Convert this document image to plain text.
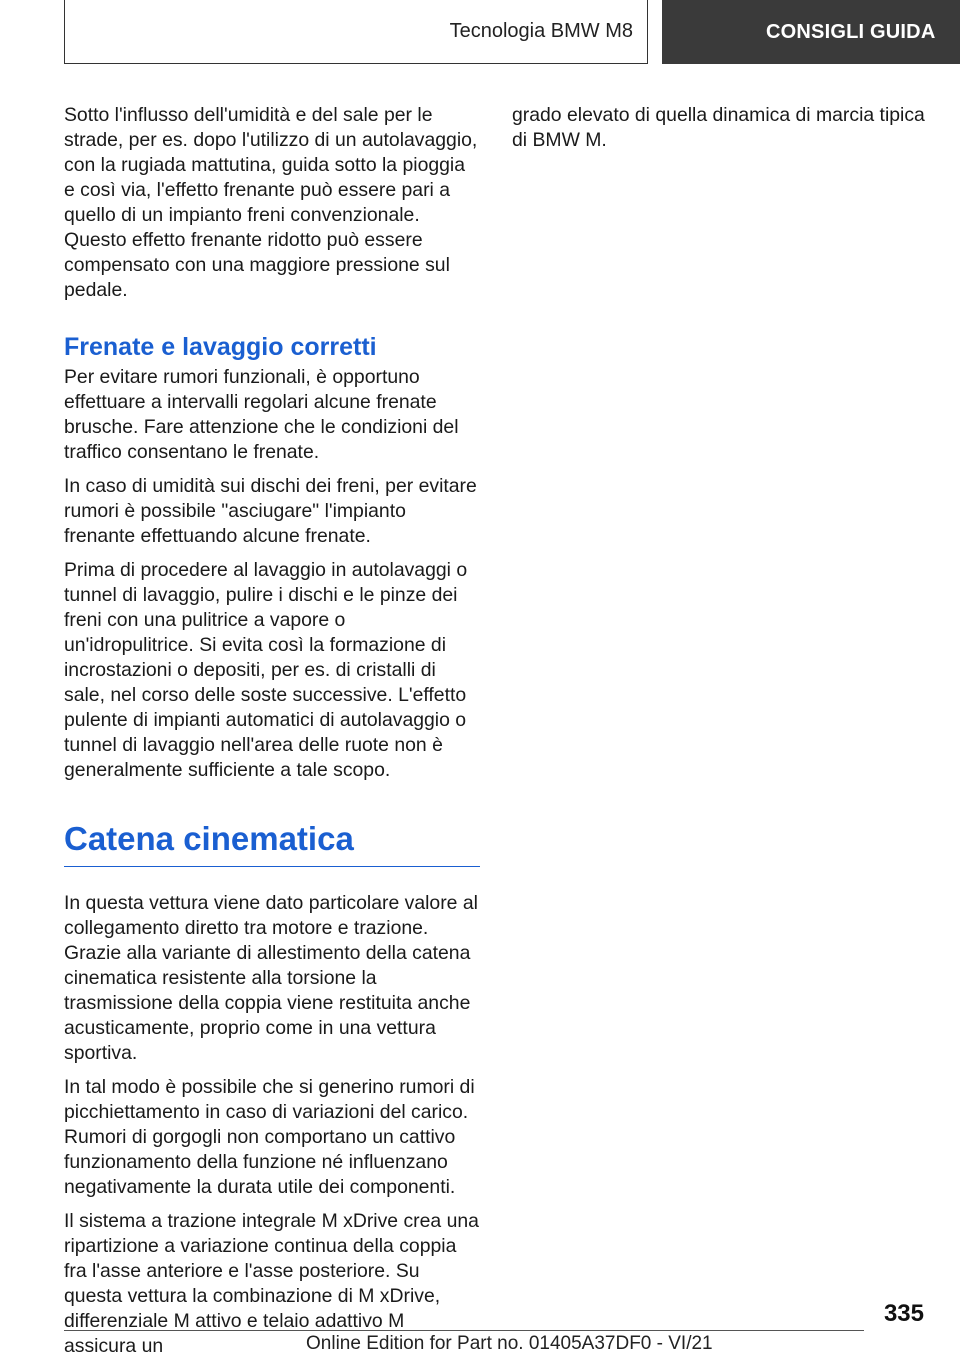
Tecnologia BMW M8	CONSIGLI GUIDA

Sotto l'influsso dell'umidità e del sale per le strade, per es. dopo l'utilizzo di un autolavaggio, con la rugiada mattutina, guida sotto la pioggia e così via, l'effetto frenante può essere pari a quello di un impianto freni convenzionale. Questo effetto frenante ridotto può essere compensato con una maggiore pressione sul pedale.

Frenate e lavaggio corretti

Per evitare rumori funzionali, è opportuno effettuare a intervalli regolari alcune frenate brusche. Fare attenzione che le condizioni del traffico consentano le frenate.

In caso di umidità sui dischi dei freni, per evitare rumori è possibile "asciugare" l'impianto frenante effettuando alcune frenate.

Prima di procedere al lavaggio in autolavaggi o tunnel di lavaggio, pulire i dischi e le pinze dei freni con una pulitrice a vapore o un'idropulitrice. Si evita così la formazione di incrostazioni o depositi, per es. di cristalli di sale, nel corso delle soste successive. L'effetto pulente di impianti automatici di autolavaggio o tunnel di lavaggio nell'area delle ruote non è generalmente sufficiente a tale scopo.

Catena cinematica

In questa vettura viene dato particolare valore al collegamento diretto tra motore e trazione. Grazie alla variante di allestimento della catena cinematica resistente alla torsione la trasmissione della coppia viene restituita anche acusticamente, proprio come in una vettura sportiva.

In tal modo è possibile che si generino rumori di picchiettamento in caso di variazioni del carico. Rumori di gorgogli non comportano un cattivo funzionamento della funzione né influenzano negativamente la durata utile dei componenti.

Il sistema a trazione integrale M xDrive crea una ripartizione a variazione continua della coppia fra l'asse anteriore e l'asse posteriore. Su questa vettura la combinazione di M xDrive, differenziale M attivo e telaio adattivo M assicura un

grado elevato di quella dinamica di marcia tipica di BMW M.

335
Online Edition for Part no. 01405A37DF0 - VI/21
